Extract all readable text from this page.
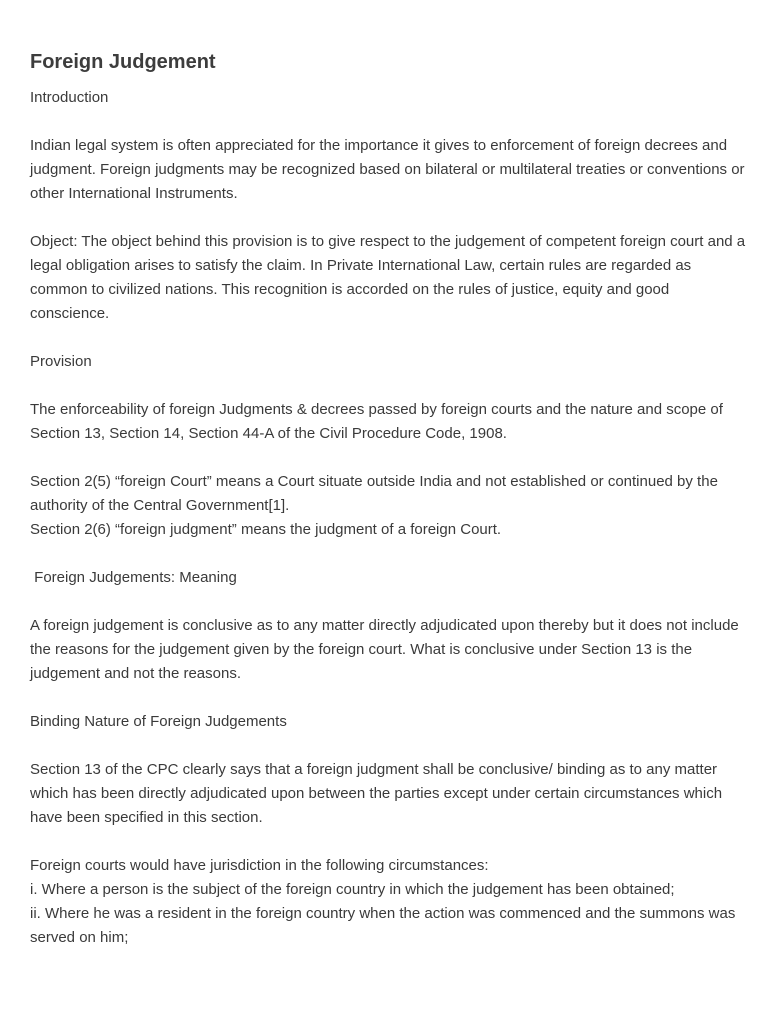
Foreign Judgement

Introduction

Indian legal system is often appreciated for the importance it gives to enforcement of foreign decrees and judgment. Foreign judgments may be recognized based on bilateral or multilateral treaties or conventions or other International Instruments.

Object: The object behind this provision is to give respect to the judgement of competent foreign court and a legal obligation arises to satisfy the claim. In Private International Law, certain rules are regarded as common to civilized nations. This recognition is accorded on the rules of justice, equity and good conscience.

Provision

The enforceability of foreign Judgments & decrees passed by foreign courts and the nature and scope of Section 13, Section 14, Section 44-A of the Civil Procedure Code, 1908.

Section 2(5) “foreign Court” means a Court situate outside India and not established or continued by the authority of the Central Government[1].

Section 2(6) “foreign judgment” means the judgment of a foreign Court.

Foreign Judgements: Meaning

A foreign judgement is conclusive as to any matter directly adjudicated upon thereby but it does not include the reasons for the judgement given by the foreign court. What is conclusive under Section 13 is the judgement and not the reasons.

Binding Nature of Foreign Judgements

Section 13 of the CPC clearly says that a foreign judgment shall be conclusive/ binding as to any matter which has been directly adjudicated upon between the parties except under certain circumstances which have been specified in this section.

Foreign courts would have jurisdiction in the following circumstances:

i. Where a person is the subject of the foreign country in which the judgement has been obtained;

ii. Where he was a resident in the foreign country when the action was commenced and the summons was served on him;
